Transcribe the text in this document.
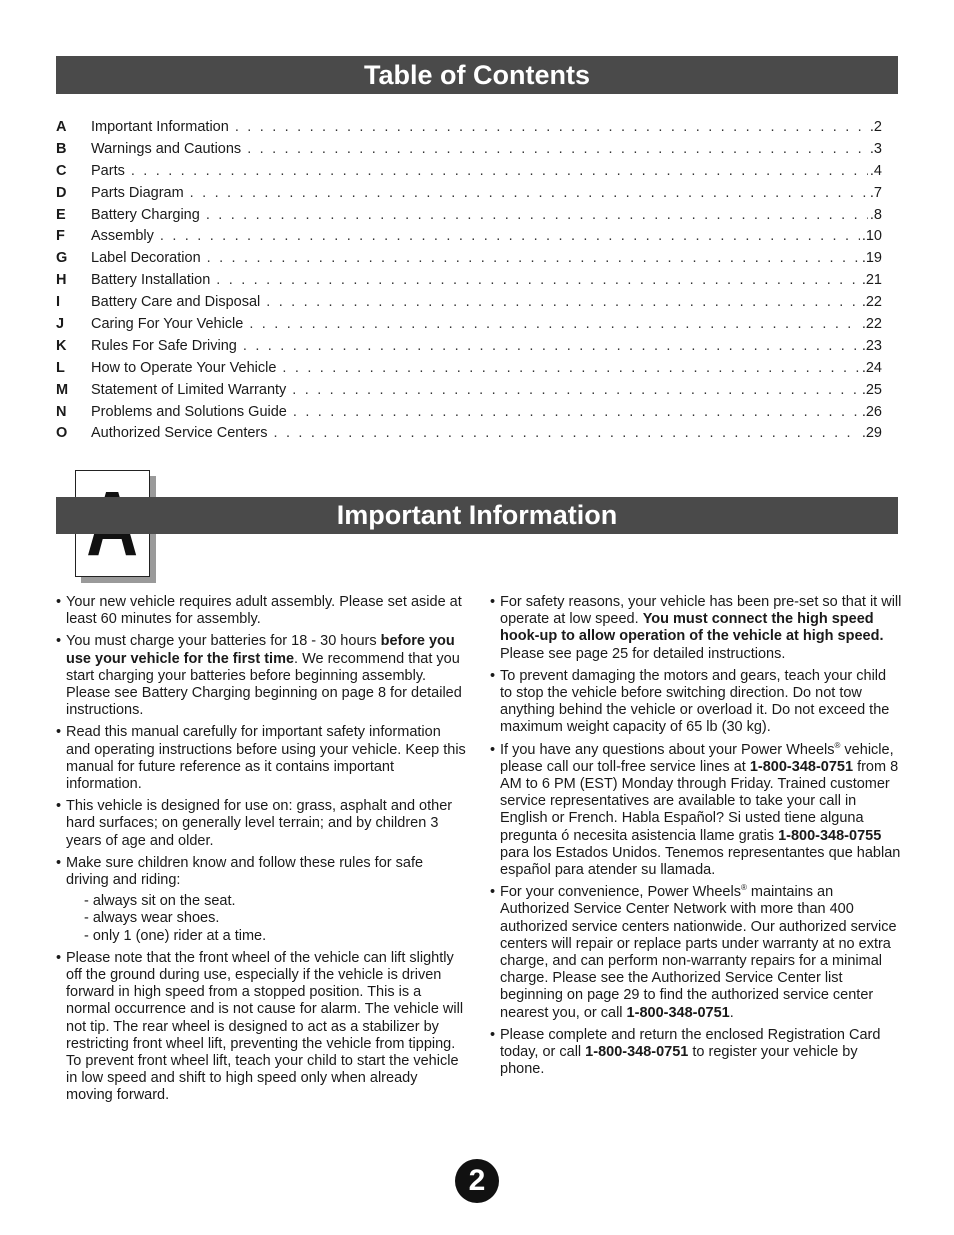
Table of Contents
A	Important Information . . .	.2
B	Warnings and Cautions . . .	.3
C	Parts . . .	.4
D	Parts Diagram . . .	.7
E	Battery Charging . . .	.8
F	Assembly . . .	.10
G	Label Decoration . . .	.19
H	Battery Installation . . .	.21
I	Battery Care and Disposal . . .	.22
J	Caring For Your Vehicle . . .	.22
K	Rules For Safe Driving . . .	.23
L	How to Operate Your Vehicle . . .	.24
M	Statement of Limited Warranty . . .	.25
N	Problems and Solutions Guide . . .	.26
O	Authorized Service Centers . . .	.29
Important Information
• Your new vehicle requires adult assembly. Please set aside at least 60 minutes for assembly.

• You must charge your batteries for 18 - 30 hours before you use your vehicle for the first time. We recommend that you start charging your batteries before beginning assembly. Please see Battery Charging beginning on page 8 for detailed instructions.

• Read this manual carefully for important safety information and operating instructions before using your vehicle. Keep this manual for future reference as it contains important information.

• This vehicle is designed for use on: grass, asphalt and other hard surfaces; on generally level terrain; and by children 3 years of age and older.

• Make sure children know and follow these rules for safe driving and riding:

- always sit on the seat.

- always wear shoes.

- only 1 (one) rider at a time.

• Please note that the front wheel of the vehicle can lift slightly off the ground during use, especially if the vehicle is driven forward in high speed from a stopped position. This is a normal occurrence and is not cause for alarm. The vehicle will not tip. The rear wheel is designed to act as a stabilizer by restricting front wheel lift, preventing the vehicle from tipping. To prevent front wheel lift, teach your child to start the vehicle in low speed and shift to high speed only when already moving forward.

• For safety reasons, your vehicle has been pre-set so that it will operate at low speed. You must connect the high speed hook-up to allow operation of the vehicle at high speed. Please see page 25 for detailed instructions.

• To prevent damaging the motors and gears, teach your child to stop the vehicle before switching direction. Do not tow anything behind the vehicle or overload it. Do not exceed the maximum weight capacity of 65 lb (30 kg).

• If you have any questions about your Power Wheels® vehicle, please call our toll-free service lines at 1-800-348-0751 from 8 AM to 6 PM (EST) Monday through Friday. Trained customer service representatives are available to take your call in English or French. Habla Español? Si usted tiene alguna pregunta ó necesita asistencia llame gratis 1-800-348-0755 para los Estados Unidos. Tenemos representantes que hablan español para atender su llamada.

• For your convenience, Power Wheels® maintains an Authorized Service Center Network with more than 400 authorized service centers nationwide. Our authorized service centers will repair or replace parts under warranty at no extra charge, and can perform non-warranty repairs for a minimal charge. Please see the Authorized Service Center list beginning on page 29 to find the authorized service center nearest you, or call 1-800-348-0751.

• Please complete and return the enclosed Registration Card today, or call 1-800-348-0751 to register your vehicle by phone.

2
